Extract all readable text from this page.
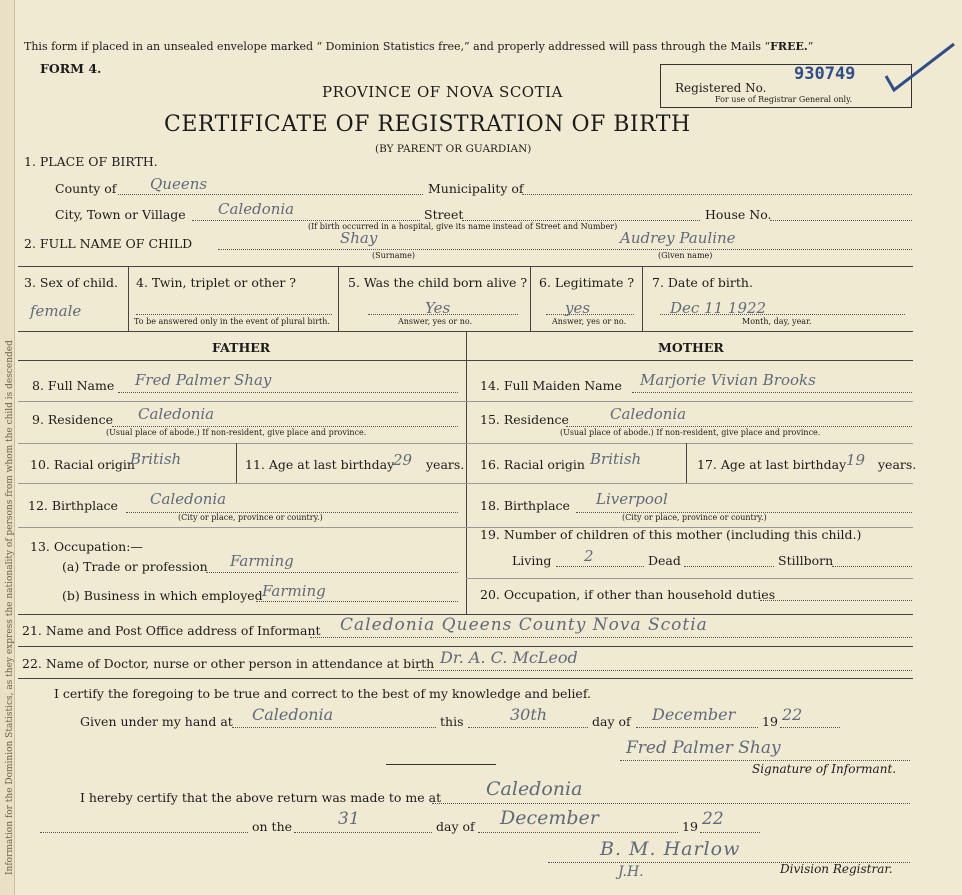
Information for the Dominion Statistics, as they express the nationality of persons from whom the child is descended
This form if placed in an unsealed envelope marked “ Dominion Statistics free,” and properly addressed will pass through the Mails “FREE.”
FORM 4.
PROVINCE OF NOVA SCOTIA	Registered No.
930749
For use of Registrar General only.
CERTIFICATE OF REGISTRATION OF BIRTH
(BY PARENT OR GUARDIAN)
1. PLACE OF BIRTH.
County of Queens	Municipality of
City, Town or Village Caledonia	Street	House No.
(If birth occurred in a hospital, give its name instead of Street and Number)
2. FULL NAME OF CHILD	Shay	Audrey Pauline
(Surname)	(Given name)
3. Sex of child.
female
4. Twin, triplet or other ?
To be answered only in the event of plural birth.
5. Was the child born alive ?
Yes
Answer, yes or no.
6. Legitimate ?
yes
Answer, yes or no.
7. Date of birth.
Dec 11 1922
Month, day, year.
FATHER	MOTHER
8. Full Name Fred Palmer Shay
9. Residence Caledonia
(Usual place of abode.) If non-resident, give place and province.
10. Racial origin
British	11. Age at last birthday
29 years.
12. Birthplace Caledonia
(City or place, province or country.)
13. Occupation:—
(a) Trade or profession Farming
(b) Business in which employed Farming
14. Full Maiden Name Marjorie Vivian Brooks
15. Residence	Caledonia
(Usual place of abode.) If non-resident, give place and province.
16. Racial origin British	17. Age at last birthday 19 years.
18. Birthplace Liverpool
(City or place, province or country.)
19. Number of children of this mother (including this child.)
Living 2	Dead	Stillborn
20. Occupation, if other than household duties
21. Name and Post Office address of Informant Caledonia Queens County Nova Scotia
22. Name of Doctor, nurse or other person in attendance at birth Dr. A. C. McLeod
I certify the foregoing to be true and correct to the best of my knowledge and belief.
Given under my hand at Caledonia	this	30th	day of December 19 22
Fred Palmer Shay
Signature of Informant.
I hereby certify that the above return was made to me at Caledonia
on the	31	day of December	19 22
B. M. Harlow
Division Registrar.
J.H.
